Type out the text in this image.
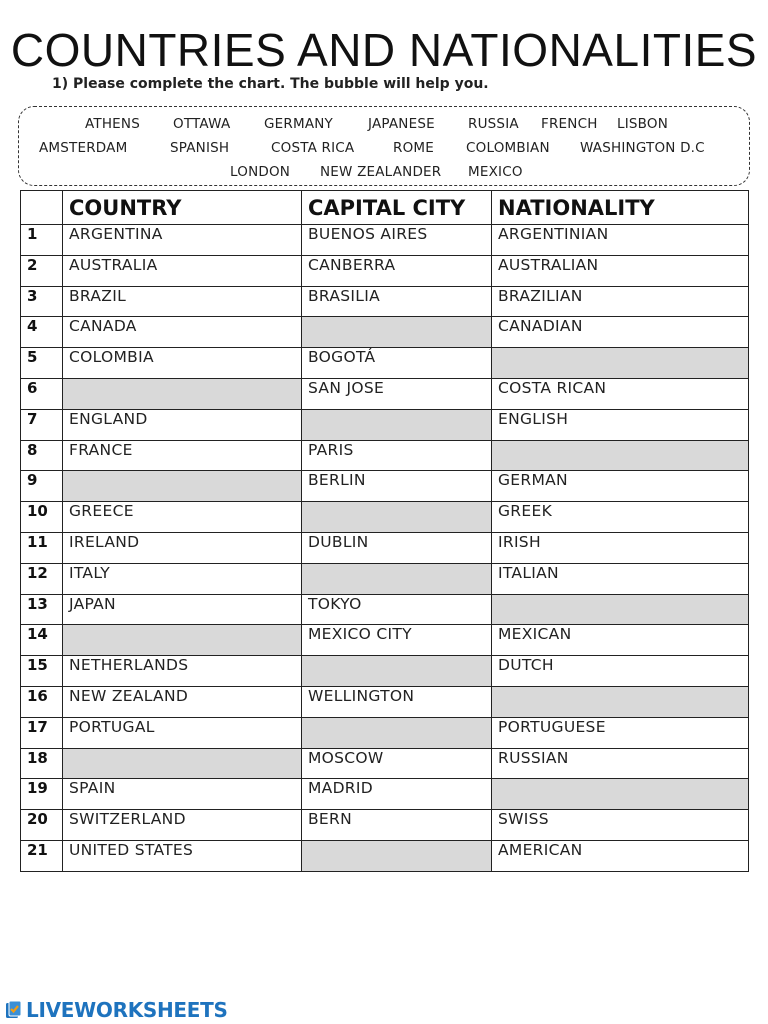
COUNTRIES AND NATIONALITIES
1) Please complete the chart. The bubble will help you.
ATHENS OTTAWA GERMANY	JAPANESE RUSSIA FRENCH LISBON
AMSTERDAM	SPANISH	COSTA RICA	ROME COLOMBIAN WASHINGTON D.C
LONDON NEW ZEALANDER MEXICO
	COUNTRY	CAPITAL CITY	NATIONALITY
1	ARGENTINA	BUENOS AIRES	ARGENTINIAN
2	AUSTRALIA	CANBERRA	AUSTRALIAN
3	BRAZIL	BRASILIA	BRAZILIAN
4	CANADA		CANADIAN
5	COLOMBIA	BOGOTÁ	
6		SAN JOSE	COSTA RICAN
7	ENGLAND		ENGLISH
8	FRANCE	PARIS	
9		BERLIN	GERMAN
10	GREECE		GREEK
11	IRELAND	DUBLIN	IRISH
12	ITALY		ITALIAN
13	JAPAN	TOKYO	
14		MEXICO CITY	MEXICAN
15	NETHERLANDS		DUTCH
16	NEW ZEALAND	WELLINGTON	
17	PORTUGAL		PORTUGUESE
18		MOSCOW	RUSSIAN
19	SPAIN	MADRID	
20	SWITZERLAND	BERN	SWISS
21	UNITED STATES		AMERICAN
LIVEWORKSHEETS
